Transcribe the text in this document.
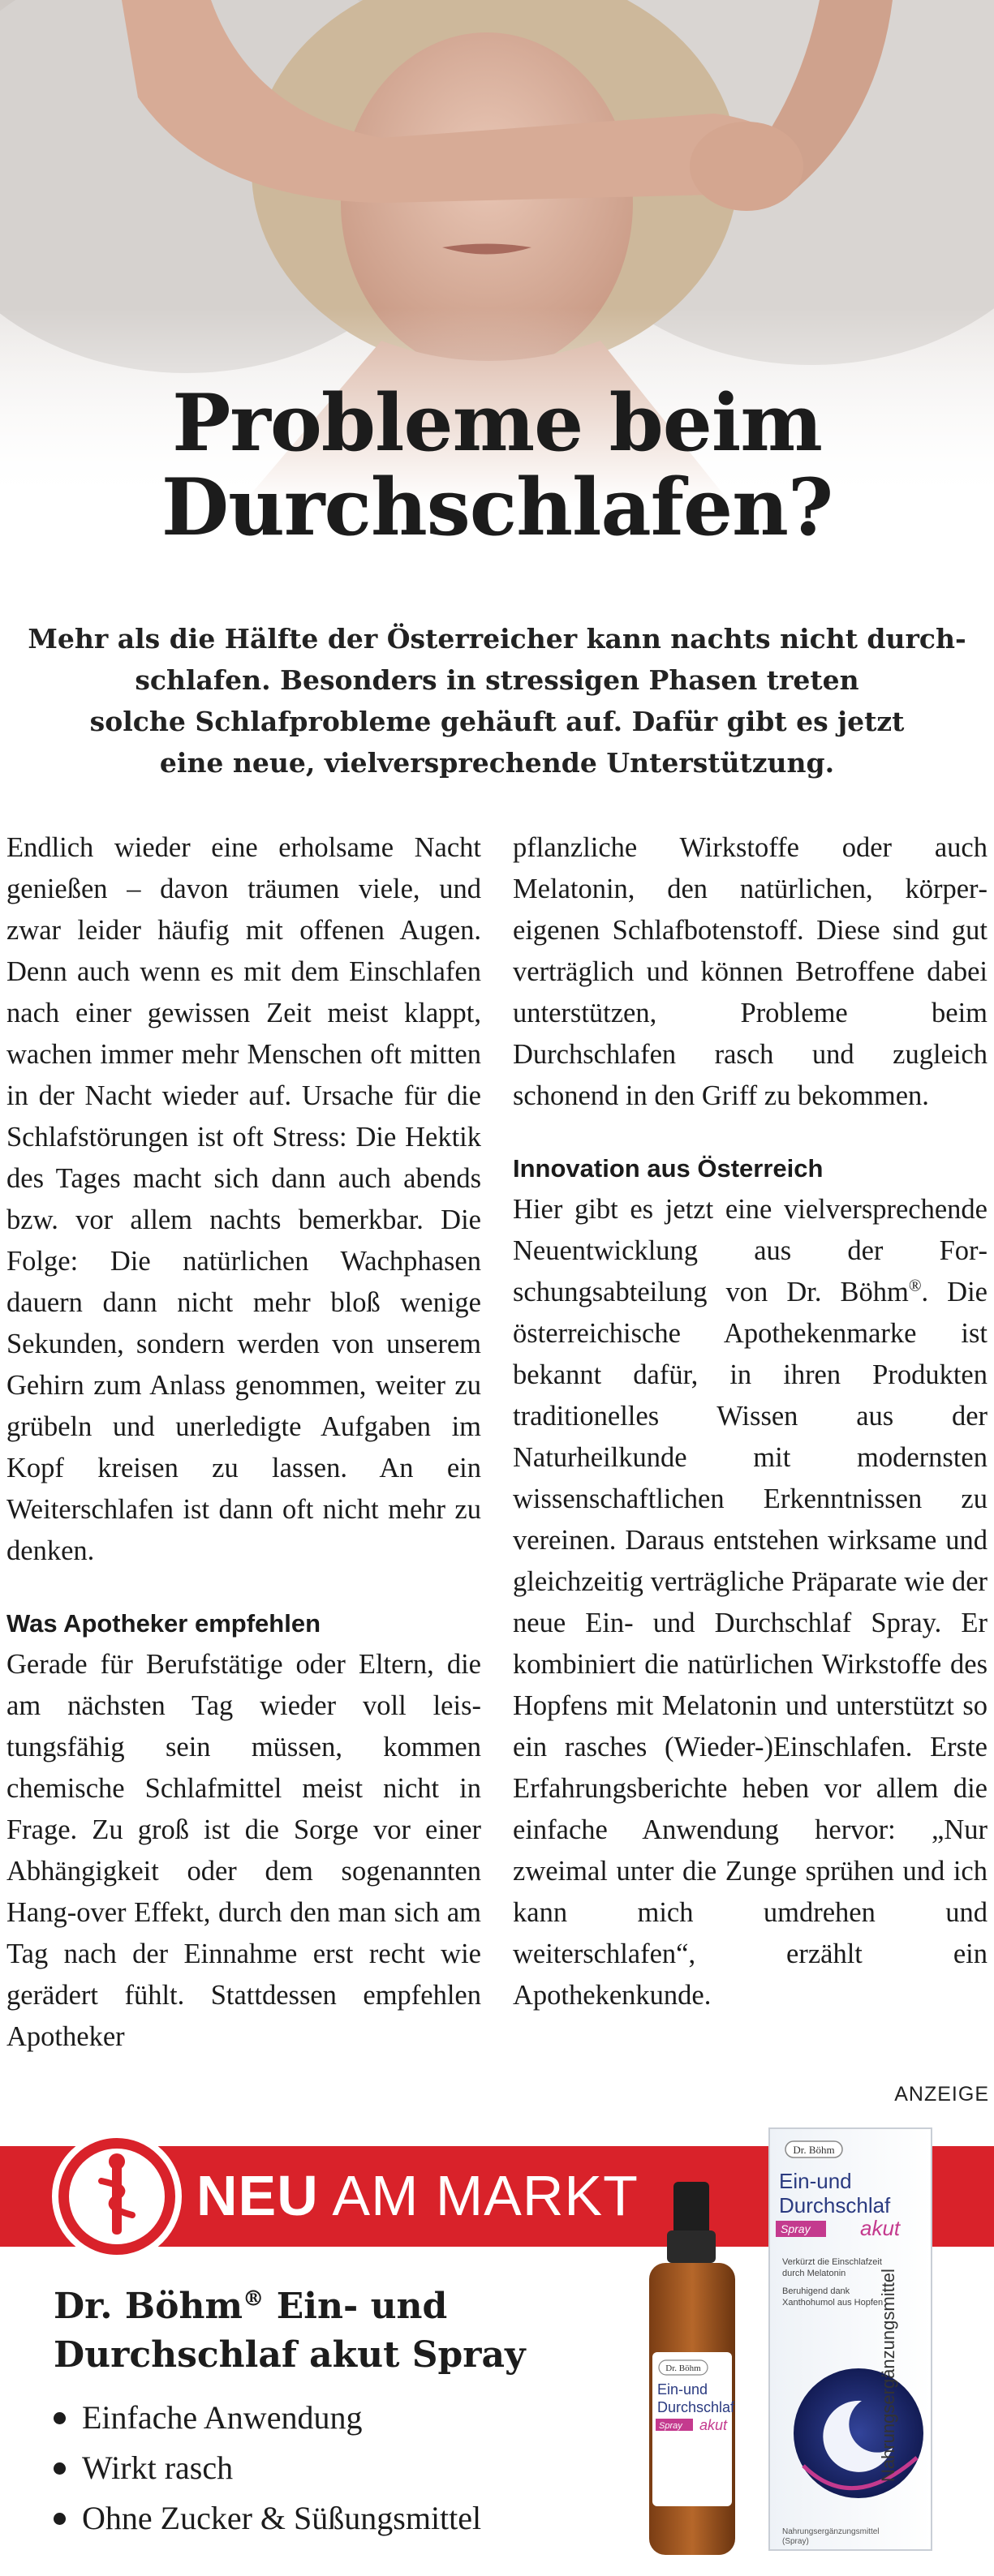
Probleme beim
Durchschlafen?
Mehr als die Hälfte der Österreicher kann nachts nicht durch-
schlafen. Besonders in stressigen Phasen treten
solche Schlafprobleme gehäuft auf. Dafür gibt es jetzt
eine neue, vielversprechende Unterstützung.

Endlich wieder eine erholsame Nacht genießen – davon träumen viele, und zwar leider häufig mit offenen Augen. Denn auch wenn es mit dem Einschlafen nach einer gewissen Zeit meist klappt, wachen immer mehr Menschen oft mitten in der Nacht wieder auf. Ursache für die Schlafstörungen ist oft Stress: Die Hektik des Tages macht sich dann auch abends bzw. vor allem nachts bemerkbar. Die Folge: Die natürlichen Wachphasen dauern dann nicht mehr bloß wenige Sekunden, sondern werden von unserem Gehirn zum Anlass genommen, weiter zu grübeln und unerledigte Aufgaben im Kopf kreisen zu lassen. An ein Weiterschlafen ist dann oft nicht mehr zu denken.

Was Apotheker empfehlen

Gerade für Berufstätige oder Eltern, die am nächsten Tag wieder voll leistungsfähig sein müssen, kommen chemische Schlafmittel meist nicht in Frage. Zu groß ist die Sorge vor einer Abhängigkeit oder dem sogenannten Hang-over Effekt, durch den man sich am Tag nach der Einnahme erst recht wie gerädert fühlt. Stattdessen empfehlen Apotheker

pflanzliche Wirkstoffe oder auch Melatonin, den natürlichen, körpereigenen Schlafbotenstoff. Diese sind gut verträglich und können Betroffene dabei unterstützen, Probleme beim Durchschlafen rasch und zugleich schonend in den Griff zu bekommen.

Innovation aus Österreich

Hier gibt es jetzt eine vielversprechende Neuentwicklung aus der Forschungsabteilung von Dr. Böhm®. Die österreichische Apothekenmarke ist bekannt dafür, in ihren Produkten traditionelles Wissen aus der Naturheilkunde mit modernsten wissenschaftlichen Erkenntnissen zu vereinen. Daraus entstehen wirksame und gleichzeitig verträgliche Präparate wie der neue Ein- und Durchschlaf Spray. Er kombiniert die natürlichen Wirkstoffe des Hopfens mit Melatonin und unterstützt so ein rasches (Wieder-)Einschlafen. Erste Erfahrungsberichte heben vor allem die einfache Anwendung hervor: „Nur zweimal unter die Zunge sprühen und ich kann mich umdrehen und weiterschlafen“, erzählt ein Apothekenkunde.

ANZEIGE
NEU AM MARKT
Dr. Böhm® Ein- und
Durchschlaf akut Spray
Einfache Anwendung
Wirkt rasch
Ohne Zucker & Süßungsmittel
Dr. Böhm
Ein-und
Durchschlaf
Spray akut
Verkürzt die Einschlafzeit
durch Melatonin
Beruhigend dank
Xanthohumol aus Hopfen
Nahrungsergänzungsmittel
(Spray)
Dr. Böhm
Ein-und
Durchschlaf
Spray akut	Nahrungsergänzungsmittel
